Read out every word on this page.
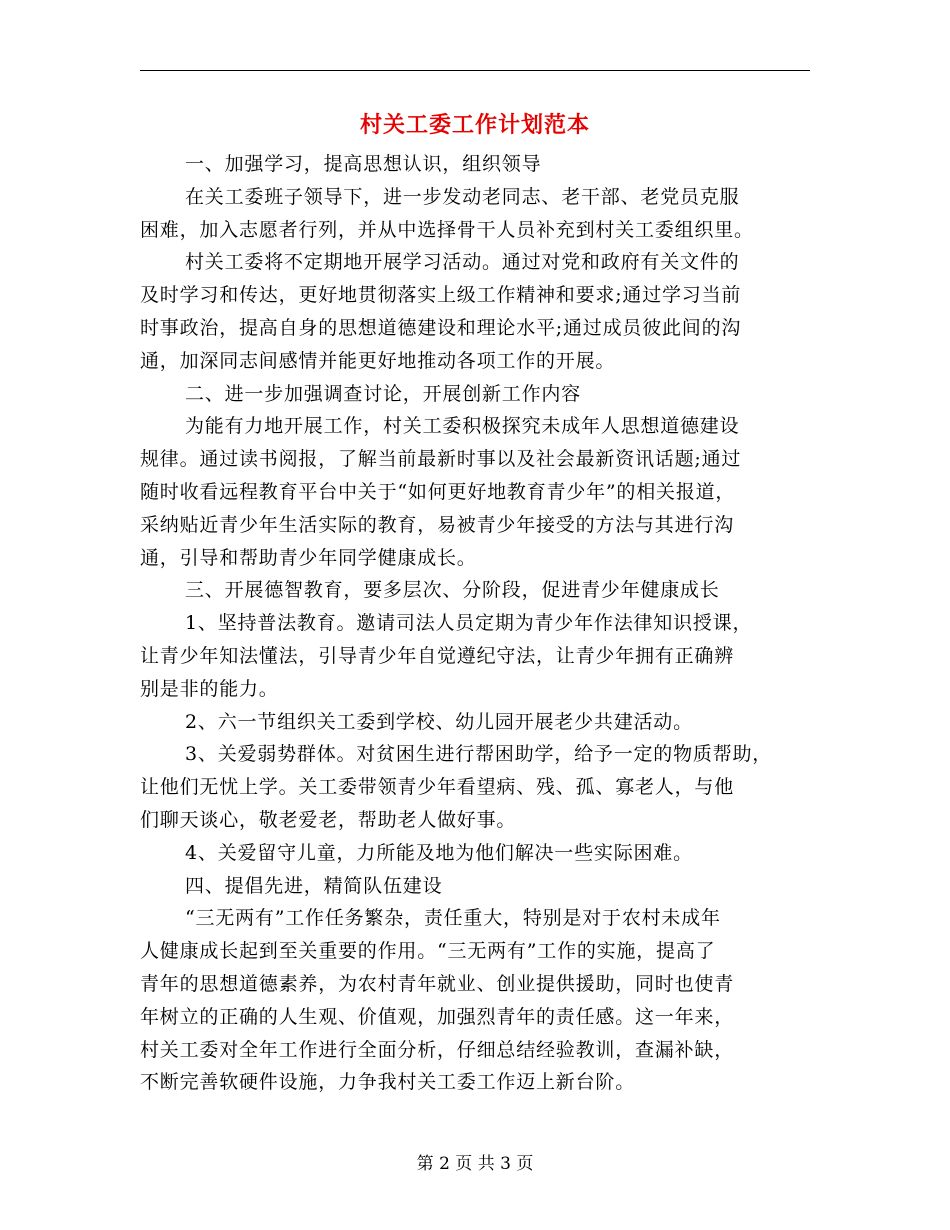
村关工委工作计划范本
一、加强学习，提高思想认识，组织领导
在关工委班子领导下，进一步发动老同志、老干部、老党员克服
困难，加入志愿者行列，并从中选择骨干人员补充到村关工委组织里。
村关工委将不定期地开展学习活动。通过对党和政府有关文件的
及时学习和传达，更好地贯彻落实上级工作精神和要求;通过学习当前
时事政治，提高自身的思想道德建设和理论水平;通过成员彼此间的沟
通，加深同志间感情并能更好地推动各项工作的开展。
二、进一步加强调查讨论，开展创新工作内容
为能有力地开展工作，村关工委积极探究未成年人思想道德建设
规律。通过读书阅报，了解当前最新时事以及社会最新资讯话题;通过
随时收看远程教育平台中关于“如何更好地教育青少年”的相关报道，
采纳贴近青少年生活实际的教育，易被青少年接受的方法与其进行沟
通，引导和帮助青少年同学健康成长。
三、开展德智教育，要多层次、分阶段，促进青少年健康成长
1、坚持普法教育。邀请司法人员定期为青少年作法律知识授课，
让青少年知法懂法，引导青少年自觉遵纪守法，让青少年拥有正确辨
别是非的能力。
2、六一节组织关工委到学校、幼儿园开展老少共建活动。
3、关爱弱势群体。对贫困生进行帮困助学，给予一定的物质帮助，
让他们无忧上学。关工委带领青少年看望病、残、孤、寡老人，与他
们聊天谈心，敬老爱老，帮助老人做好事。
4、关爱留守儿童，力所能及地为他们解决一些实际困难。
四、提倡先进，精简队伍建设
“三无两有”工作任务繁杂，责任重大，特别是对于农村未成年
人健康成长起到至关重要的作用。“三无两有”工作的实施，提高了
青年的思想道德素养，为农村青年就业、创业提供援助，同时也使青
年树立的正确的人生观、价值观，加强烈青年的责任感。这一年来，
村关工委对全年工作进行全面分析，仔细总结经验教训，查漏补缺，
不断完善软硬件设施，力争我村关工委工作迈上新台阶。
第 2 页 共 3 页
